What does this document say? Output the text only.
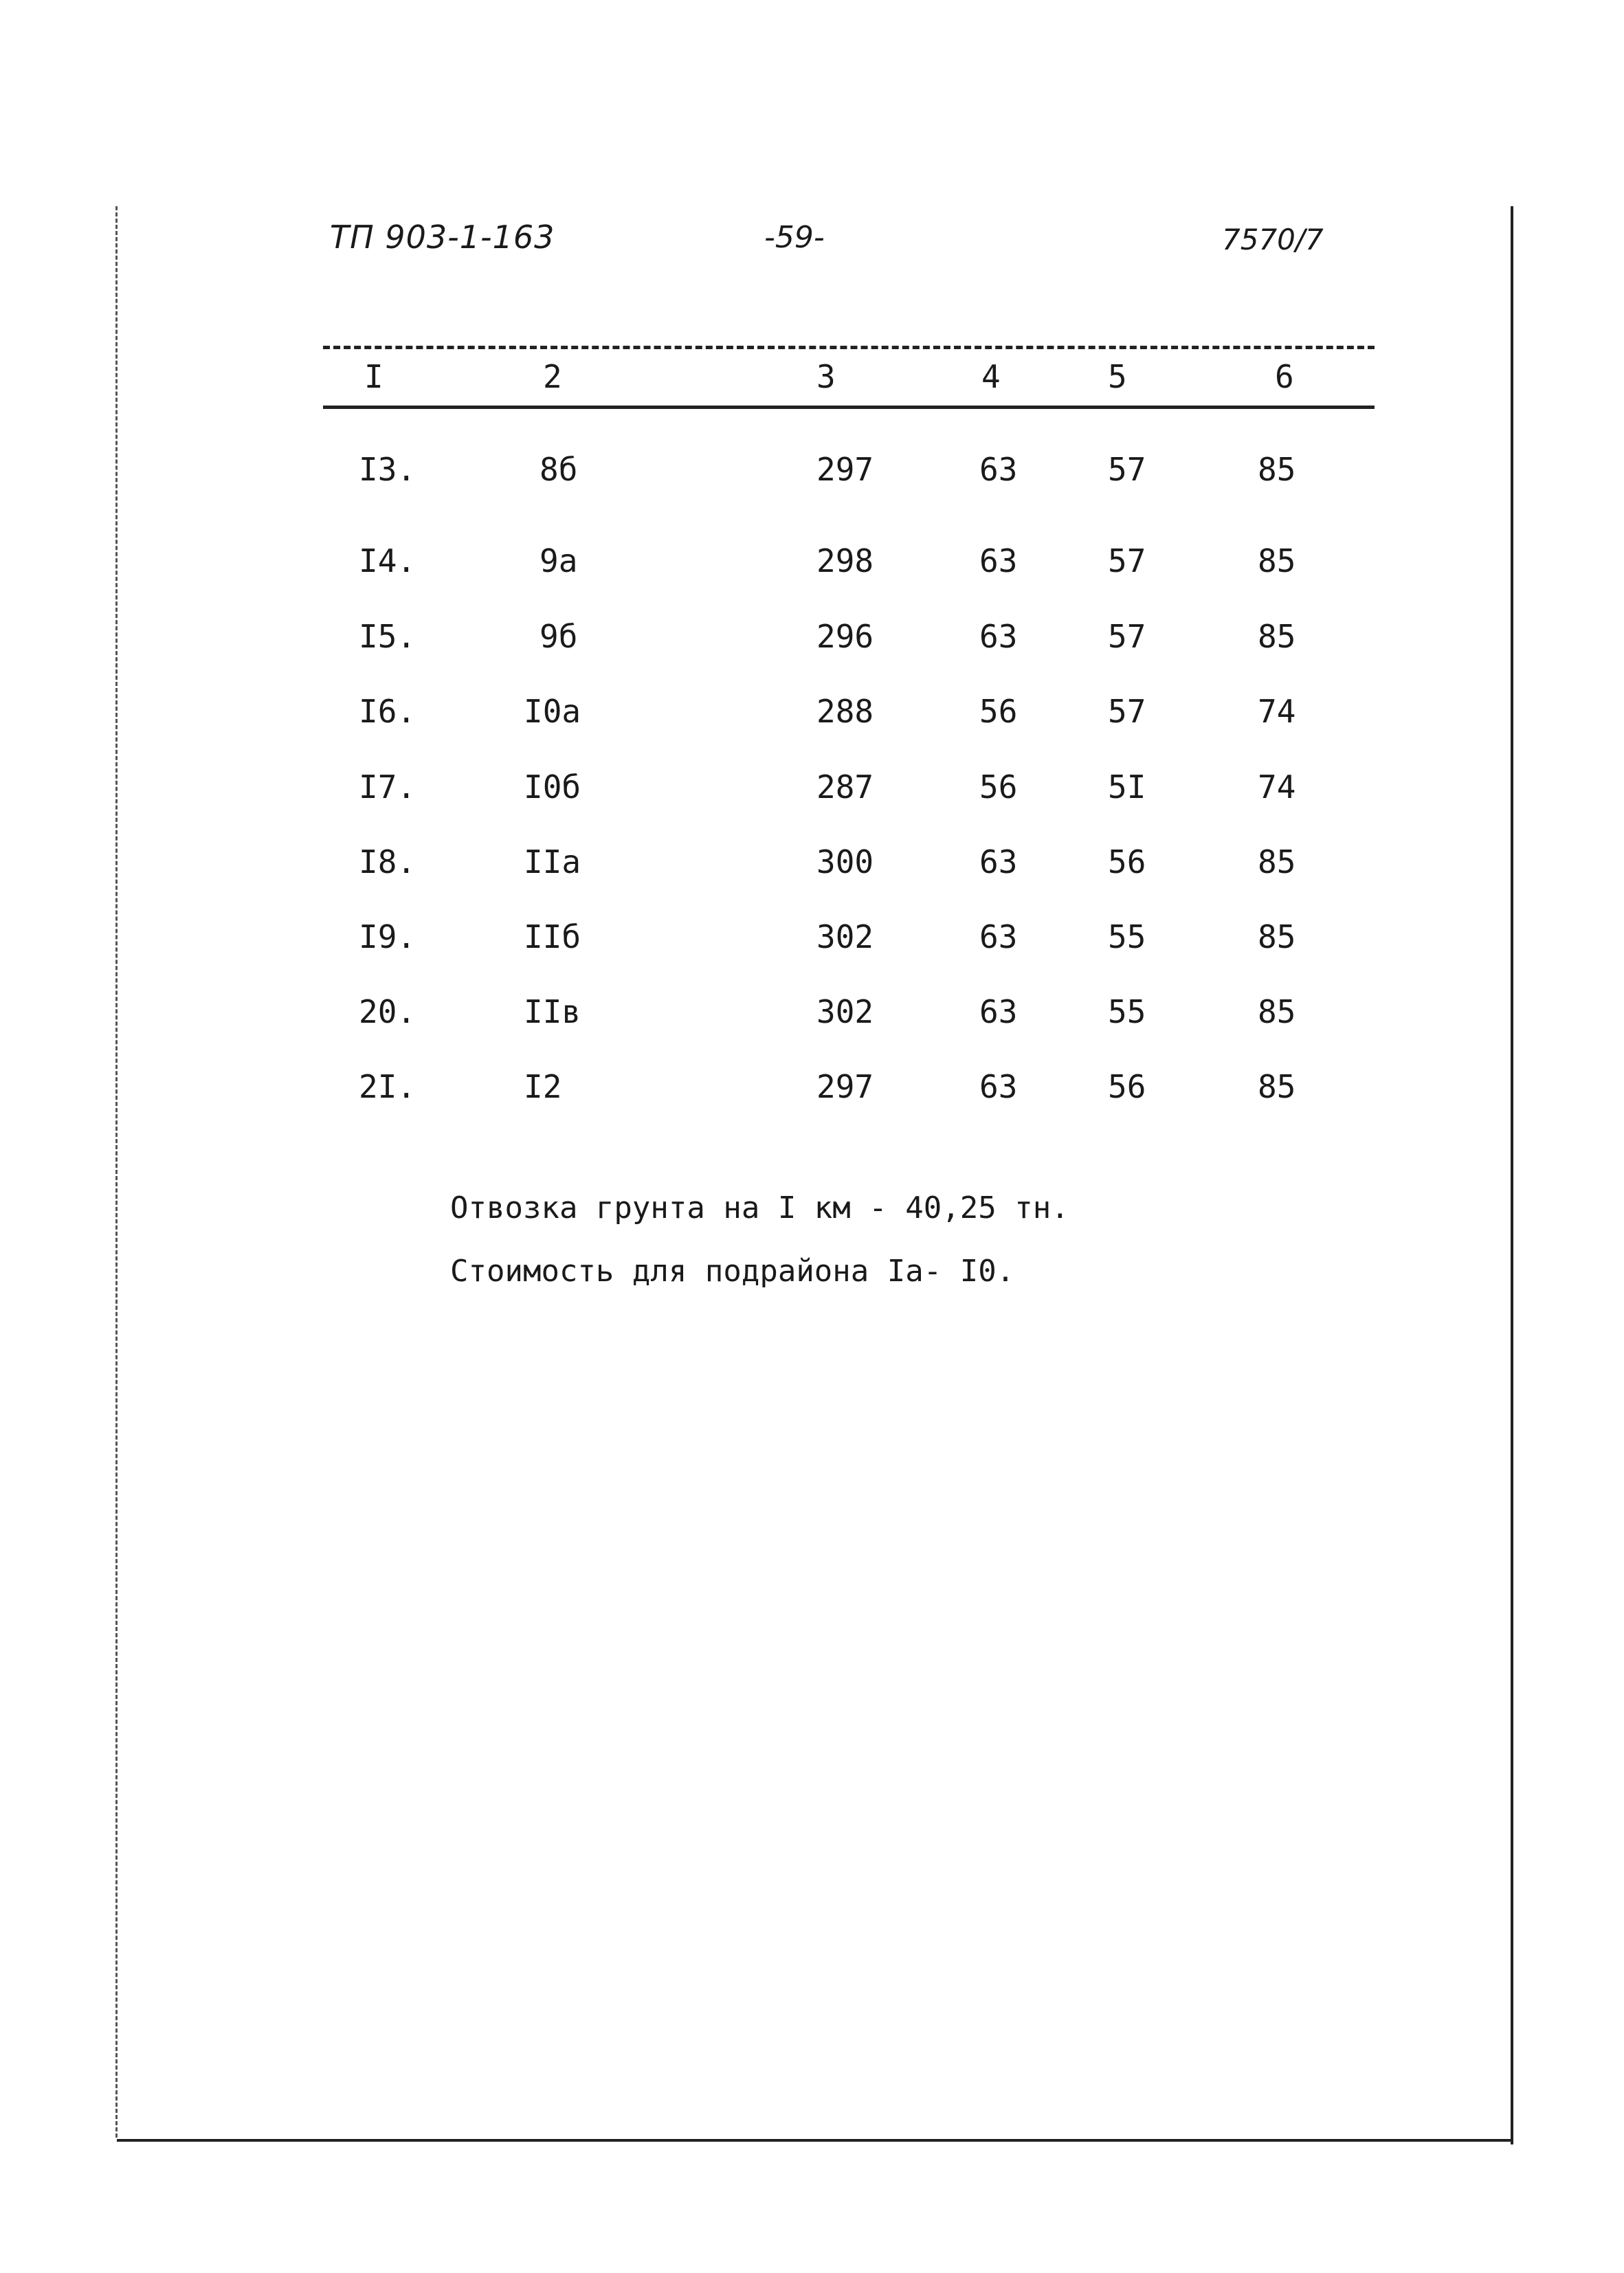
ТП 903-1-163	-59-	7570/7
I	2	3	4	5	6
I3.	8б	297	63	57	85
I4.	9а	298	63	57	85
I5.	9б	296	63	57	85
I6.	I0а	288	56	57	74
I7.	I0б	287	56	5I	74
I8.	IIа	300	63	56	85
I9.	IIб	302	63	55	85
20.	IIв	302	63	55	85
2I.	I2	297	63	56	85
Отвозка грунта на I км - 40,25 тн.
Стоимость для подрайона Iа- I0.
